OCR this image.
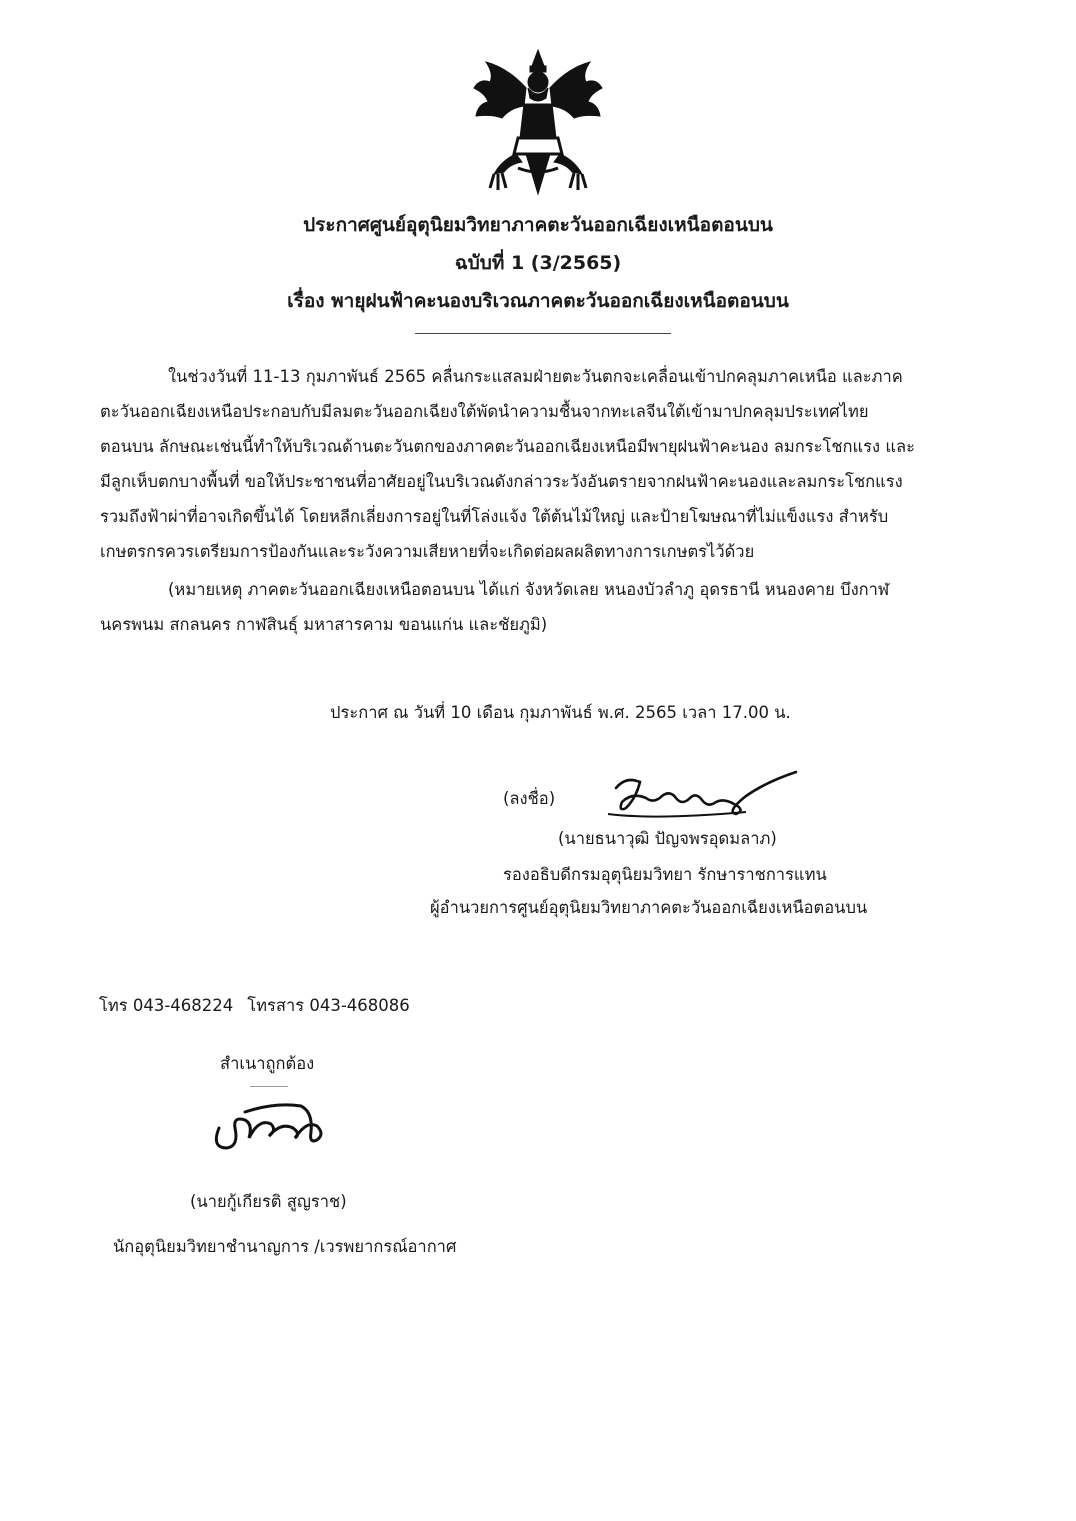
ประกาศศูนย์อุตุนิยมวิทยาภาคตะวันออกเฉียงเหนือตอนบน
ฉบับที่ 1 (3/2565)
เรื่อง พายุฝนฟ้าคะนองบริเวณภาคตะวันออกเฉียงเหนือตอนบน
ในช่วงวันที่ 11-13 กุมภาพันธ์ 2565 คลื่นกระแสลมฝ่ายตะวันตกจะเคลื่อนเข้าปกคลุมภาคเหนือ และภาค
ตะวันออกเฉียงเหนือประกอบกับมีลมตะวันออกเฉียงใต้พัดนำความชื้นจากทะเลจีนใต้เข้ามาปกคลุมประเทศไทย
ตอนบน ลักษณะเช่นนี้ทำให้บริเวณด้านตะวันตกของภาคตะวันออกเฉียงเหนือมีพายุฝนฟ้าคะนอง ลมกระโชกแรง และ
มีลูกเห็บตกบางพื้นที่ ขอให้ประชาชนที่อาศัยอยู่ในบริเวณดังกล่าวระวังอันตรายจากฝนฟ้าคะนองและลมกระโชกแรง
รวมถึงฟ้าผ่าที่อาจเกิดขึ้นได้ โดยหลีกเลี่ยงการอยู่ในที่โล่งแจ้ง ใต้ต้นไม้ใหญ่ และป้ายโฆษณาที่ไม่แข็งแรง สำหรับ
เกษตรกรควรเตรียมการป้องกันและระวังความเสียหายที่จะเกิดต่อผลผลิตทางการเกษตรไว้ด้วย
(หมายเหตุ ภาคตะวันออกเฉียงเหนือตอนบน ได้แก่ จังหวัดเลย หนองบัวลำภู อุดรธานี หนองคาย บึงกาฬ
นครพนม สกลนคร กาฬสินธุ์ มหาสารคาม ขอนแก่น และชัยภูมิ)
ประกาศ ณ วันที่ 10 เดือน กุมภาพันธ์ พ.ศ. 2565 เวลา 17.00 น.
(ลงชื่อ)
(นายธนาวุฒิ ปัญจพรอุดมลาภ)
รองอธิบดีกรมอุตุนิยมวิทยา รักษาราชการแทน
ผู้อำนวยการศูนย์อุตุนิยมวิทยาภาคตะวันออกเฉียงเหนือตอนบน
โทร 043-468224 โทรสาร 043-468086
สำเนาถูกต้อง
(นายกู้เกียรติ สูญราช)
นักอุตุนิยมวิทยาชำนาญการ /เวรพยากรณ์อากาศ
